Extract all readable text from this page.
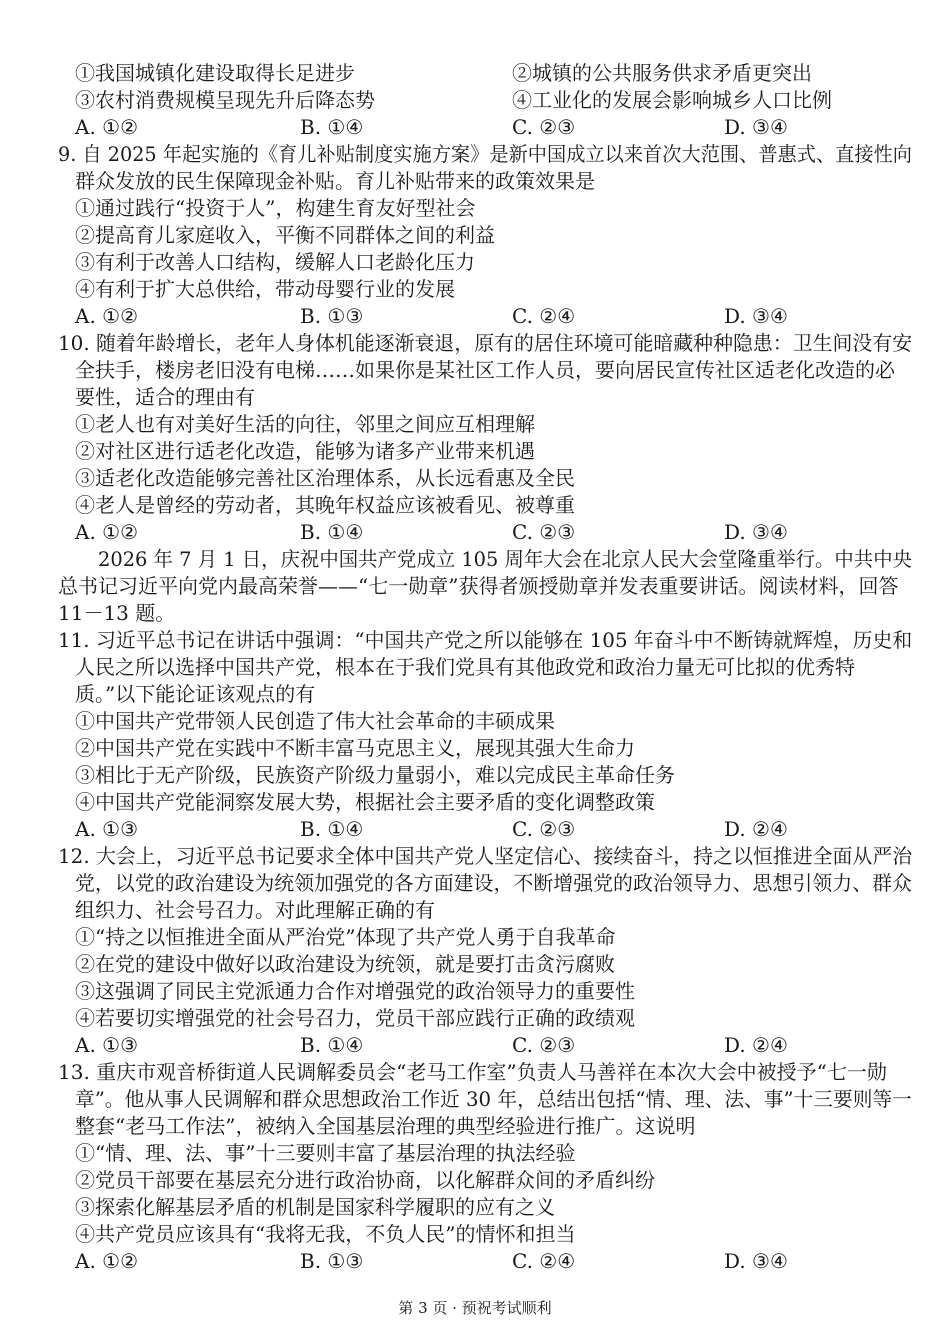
①我国城镇化建设取得长足进步	②城镇的公共服务供求矛盾更突出
③农村消费规模呈现先升后降态势	④工业化的发展会影响城乡人口比例
A. ①②	B. ①④	C. ②③	D. ③④
9. 自 2025 年起实施的《育儿补贴制度实施方案》是新中国成立以来首次大范围、普惠式、直接性向
群众发放的民生保障现金补贴。育儿补贴带来的政策效果是
①通过践行“投资于人”，构建生育友好型社会
②提高育儿家庭收入，平衡不同群体之间的利益
③有利于改善人口结构，缓解人口老龄化压力
④有利于扩大总供给，带动母婴行业的发展
A. ①②	B. ①③	C. ②④	D. ③④
10. 随着年龄增长，老年人身体机能逐渐衰退，原有的居住环境可能暗藏种种隐患：卫生间没有安
全扶手，楼房老旧没有电梯……如果你是某社区工作人员，要向居民宣传社区适老化改造的必
要性，适合的理由有
①老人也有对美好生活的向往，邻里之间应互相理解
②对社区进行适老化改造，能够为诸多产业带来机遇
③适老化改造能够完善社区治理体系，从长远看惠及全民
④老人是曾经的劳动者，其晚年权益应该被看见、被尊重
A. ①②	B. ①④	C. ②③	D. ③④
2026 年 7 月 1 日，庆祝中国共产党成立 105 周年大会在北京人民大会堂隆重举行。中共中央
总书记习近平向党内最高荣誉——“七一勋章”获得者颁授勋章并发表重要讲话。阅读材料，回答
11－13 题。
11. 习近平总书记在讲话中强调：“中国共产党之所以能够在 105 年奋斗中不断铸就辉煌，历史和
人民之所以选择中国共产党，根本在于我们党具有其他政党和政治力量无可比拟的优秀特
质。”以下能论证该观点的有
①中国共产党带领人民创造了伟大社会革命的丰硕成果
②中国共产党在实践中不断丰富马克思主义，展现其强大生命力
③相比于无产阶级，民族资产阶级力量弱小，难以完成民主革命任务
④中国共产党能洞察发展大势，根据社会主要矛盾的变化调整政策
A. ①③	B. ①④	C. ②③	D. ②④
12. 大会上，习近平总书记要求全体中国共产党人坚定信心、接续奋斗，持之以恒推进全面从严治
党，以党的政治建设为统领加强党的各方面建设，不断增强党的政治领导力、思想引领力、群众
组织力、社会号召力。对此理解正确的有
①“持之以恒推进全面从严治党”体现了共产党人勇于自我革命
②在党的建设中做好以政治建设为统领，就是要打击贪污腐败
③这强调了同民主党派通力合作对增强党的政治领导力的重要性
④若要切实增强党的社会号召力，党员干部应践行正确的政绩观
A. ①③	B. ①④	C. ②③	D. ②④
13. 重庆市观音桥街道人民调解委员会“老马工作室”负责人马善祥在本次大会中被授予“七一勋
章”。他从事人民调解和群众思想政治工作近 30 年，总结出包括“情、理、法、事”十三要则等一
整套“老马工作法”，被纳入全国基层治理的典型经验进行推广。这说明
①“情、理、法、事”十三要则丰富了基层治理的执法经验
②党员干部要在基层充分进行政治协商，以化解群众间的矛盾纠纷
③探索化解基层矛盾的机制是国家科学履职的应有之义
④共产党员应该具有“我将无我，不负人民”的情怀和担当
A. ①②	B. ①③	C. ②④	D. ③④
第 3 页 · 预祝考试顺利
